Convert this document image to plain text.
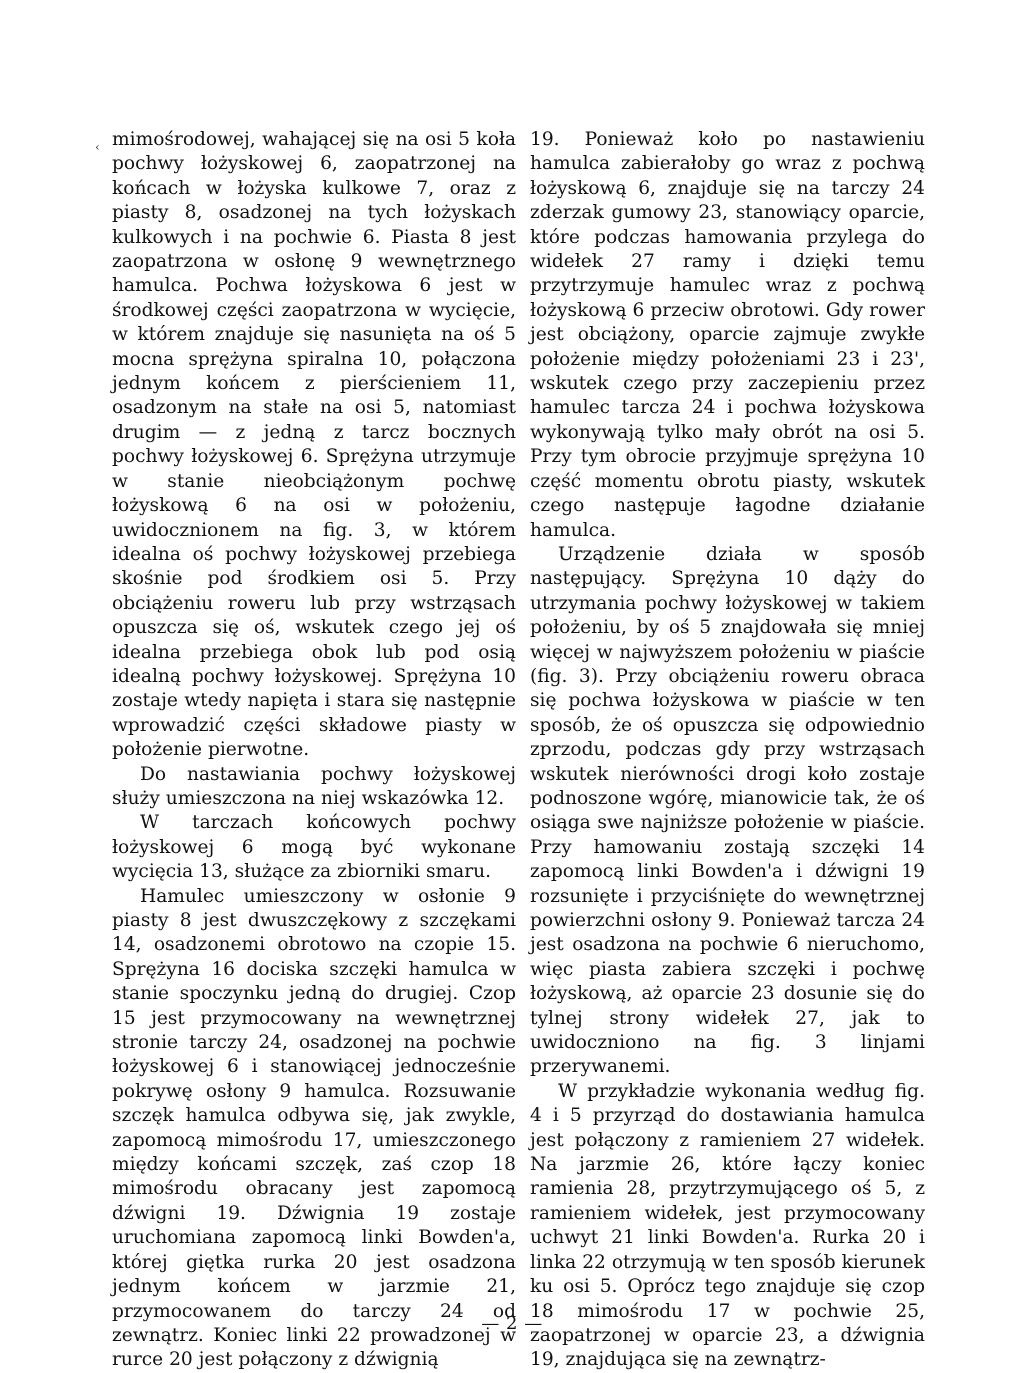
‹ mimośrodowej, wahającej się na osi 5 koła pochwy łożyskowej 6, zaopatrzonej na końcach w łożyska kulkowe 7, oraz z piasty 8, osadzonej na tych łożyskach kulkowych i na pochwie 6. Piasta 8 jest zaopatrzona w osłonę 9 wewnętrznego hamulca. Pochwa łożyskowa 6 jest w środkowej części zaopatrzona w wycięcie, w którem znajduje się nasunięta na oś 5 mocna sprężyna spiralna 10, połączona jednym końcem z pierścieniem 11, osadzonym na stałe na osi 5, natomiast drugim — z jedną z tarcz bocznych pochwy łożyskowej 6. Sprężyna utrzymuje w stanie nieobciążonym pochwę łożyskową 6 na osi w położeniu, uwidocznionem na fig. 3, w którem idealna oś pochwy łożyskowej przebiega skośnie pod środkiem osi 5. Przy obciążeniu roweru lub przy wstrząsach opuszcza się oś, wskutek czego jej oś idealna przebiega obok lub pod osią idealną pochwy łożyskowej. Sprężyna 10 zostaje wtedy napięta i stara się następnie wprowadzić części składowe piasty w położenie pierwotne.

Do nastawiania pochwy łożyskowej służy umieszczona na niej wskazówka 12.

W tarczach końcowych pochwy łożyskowej 6 mogą być wykonane wycięcia 13, służące za zbiorniki smaru.

Hamulec umieszczony w osłonie 9 piasty 8 jest dwuszczękowy z szczękami 14, osadzonemi obrotowo na czopie 15. Sprężyna 16 dociska szczęki hamulca w stanie spoczynku jedną do drugiej. Czop 15 jest przymocowany na wewnętrznej stronie tarczy 24, osadzonej na pochwie łożyskowej 6 i stanowiącej jednocześnie pokrywę osłony 9 hamulca. Rozsuwanie szczęk hamulca odbywa się, jak zwykle, zapomocą mimośrodu 17, umieszczonego między końcami szczęk, zaś czop 18 mimośrodu obracany jest zapomocą dźwigni 19. Dźwignia 19 zostaje uruchomiana zapomocą linki Bowden'a, której giętka rurka 20 jest osadzona jednym końcem w jarzmie 21, przymocowanem do tarczy 24 od zewnątrz. Koniec linki 22 prowadzonej w rurce 20 jest połączony z dźwignią

19. Ponieważ koło po nastawieniu hamulca zabierałoby go wraz z pochwą łożyskową 6, znajduje się na tarczy 24 zderzak gumowy 23, stanowiący oparcie, które podczas hamowania przylega do widełek 27 ramy i dzięki temu przytrzymuje hamulec wraz z pochwą łożyskową 6 przeciw obrotowi. Gdy rower jest obciążony, oparcie zajmuje zwykłe położenie między położeniami 23 i 23', wskutek czego przy zaczepieniu przez hamulec tarcza 24 i pochwa łożyskowa wykonywają tylko mały obrót na osi 5. Przy tym obrocie przyjmuje sprężyna 10 część momentu obrotu piasty, wskutek czego następuje łagodne działanie hamulca.

Urządzenie działa w sposób następujący. Sprężyna 10 dąży do utrzymania pochwy łożyskowej w takiem położeniu, by oś 5 znajdowała się mniej więcej w najwyższem położeniu w piaście (fig. 3). Przy obciążeniu roweru obraca się pochwa łożyskowa w piaście w ten sposób, że oś opuszcza się odpowiednio zprzodu, podczas gdy przy wstrząsach wskutek nierówności drogi koło zostaje podnoszone wgórę, mianowicie tak, że oś osiąga swe najniższe położenie w piaście. Przy hamowaniu zostają szczęki 14 zapomocą linki Bowden'a i dźwigni 19 rozsunięte i przyciśnięte do wewnętrznej powierzchni osłony 9. Ponieważ tarcza 24 jest osadzona na pochwie 6 nieruchomo, więc piasta zabiera szczęki i pochwę łożyskową, aż oparcie 23 dosunie się do tylnej strony widełek 27, jak to uwidoczniono na fig. 3 linjami przerywanemi.

W przykładzie wykonania według fig. 4 i 5 przyrząd do dostawiania hamulca jest połączony z ramieniem 27 widełek. Na jarzmie 26, które łączy koniec ramienia 28, przytrzymującego oś 5, z ramieniem widełek, jest przymocowany uchwyt 21 linki Bowden'a. Rurka 20 i linka 22 otrzymują w ten sposób kierunek ku osi 5. Oprócz tego znajduje się czop 18 mimośrodu 17 w pochwie 25, zaopatrzonej w oparcie 23, a dźwignia 19, znajdująca się na zewnątrz-

— 2 —
